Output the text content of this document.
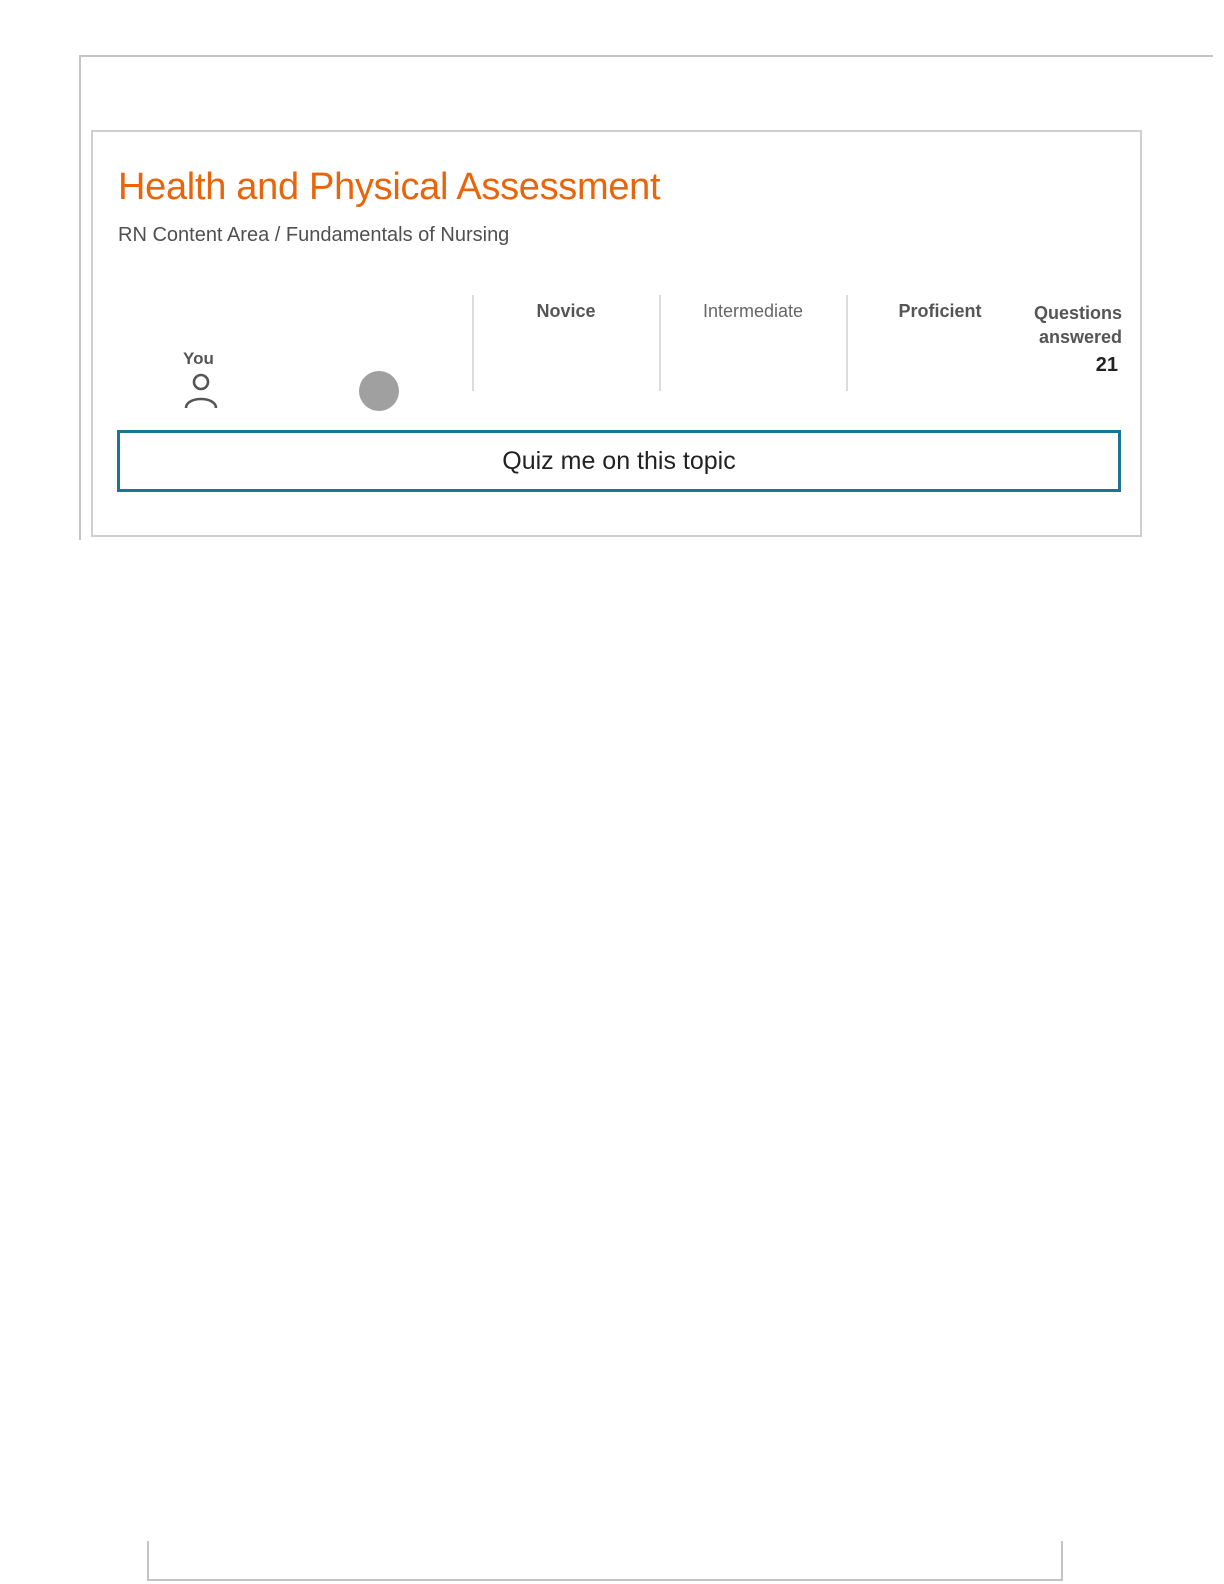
Health and Physical Assessment
RN Content Area / Fundamentals of Nursing
You
Novice	Intermediate	Proficient	Questions answered
21
Quiz me on this topic
